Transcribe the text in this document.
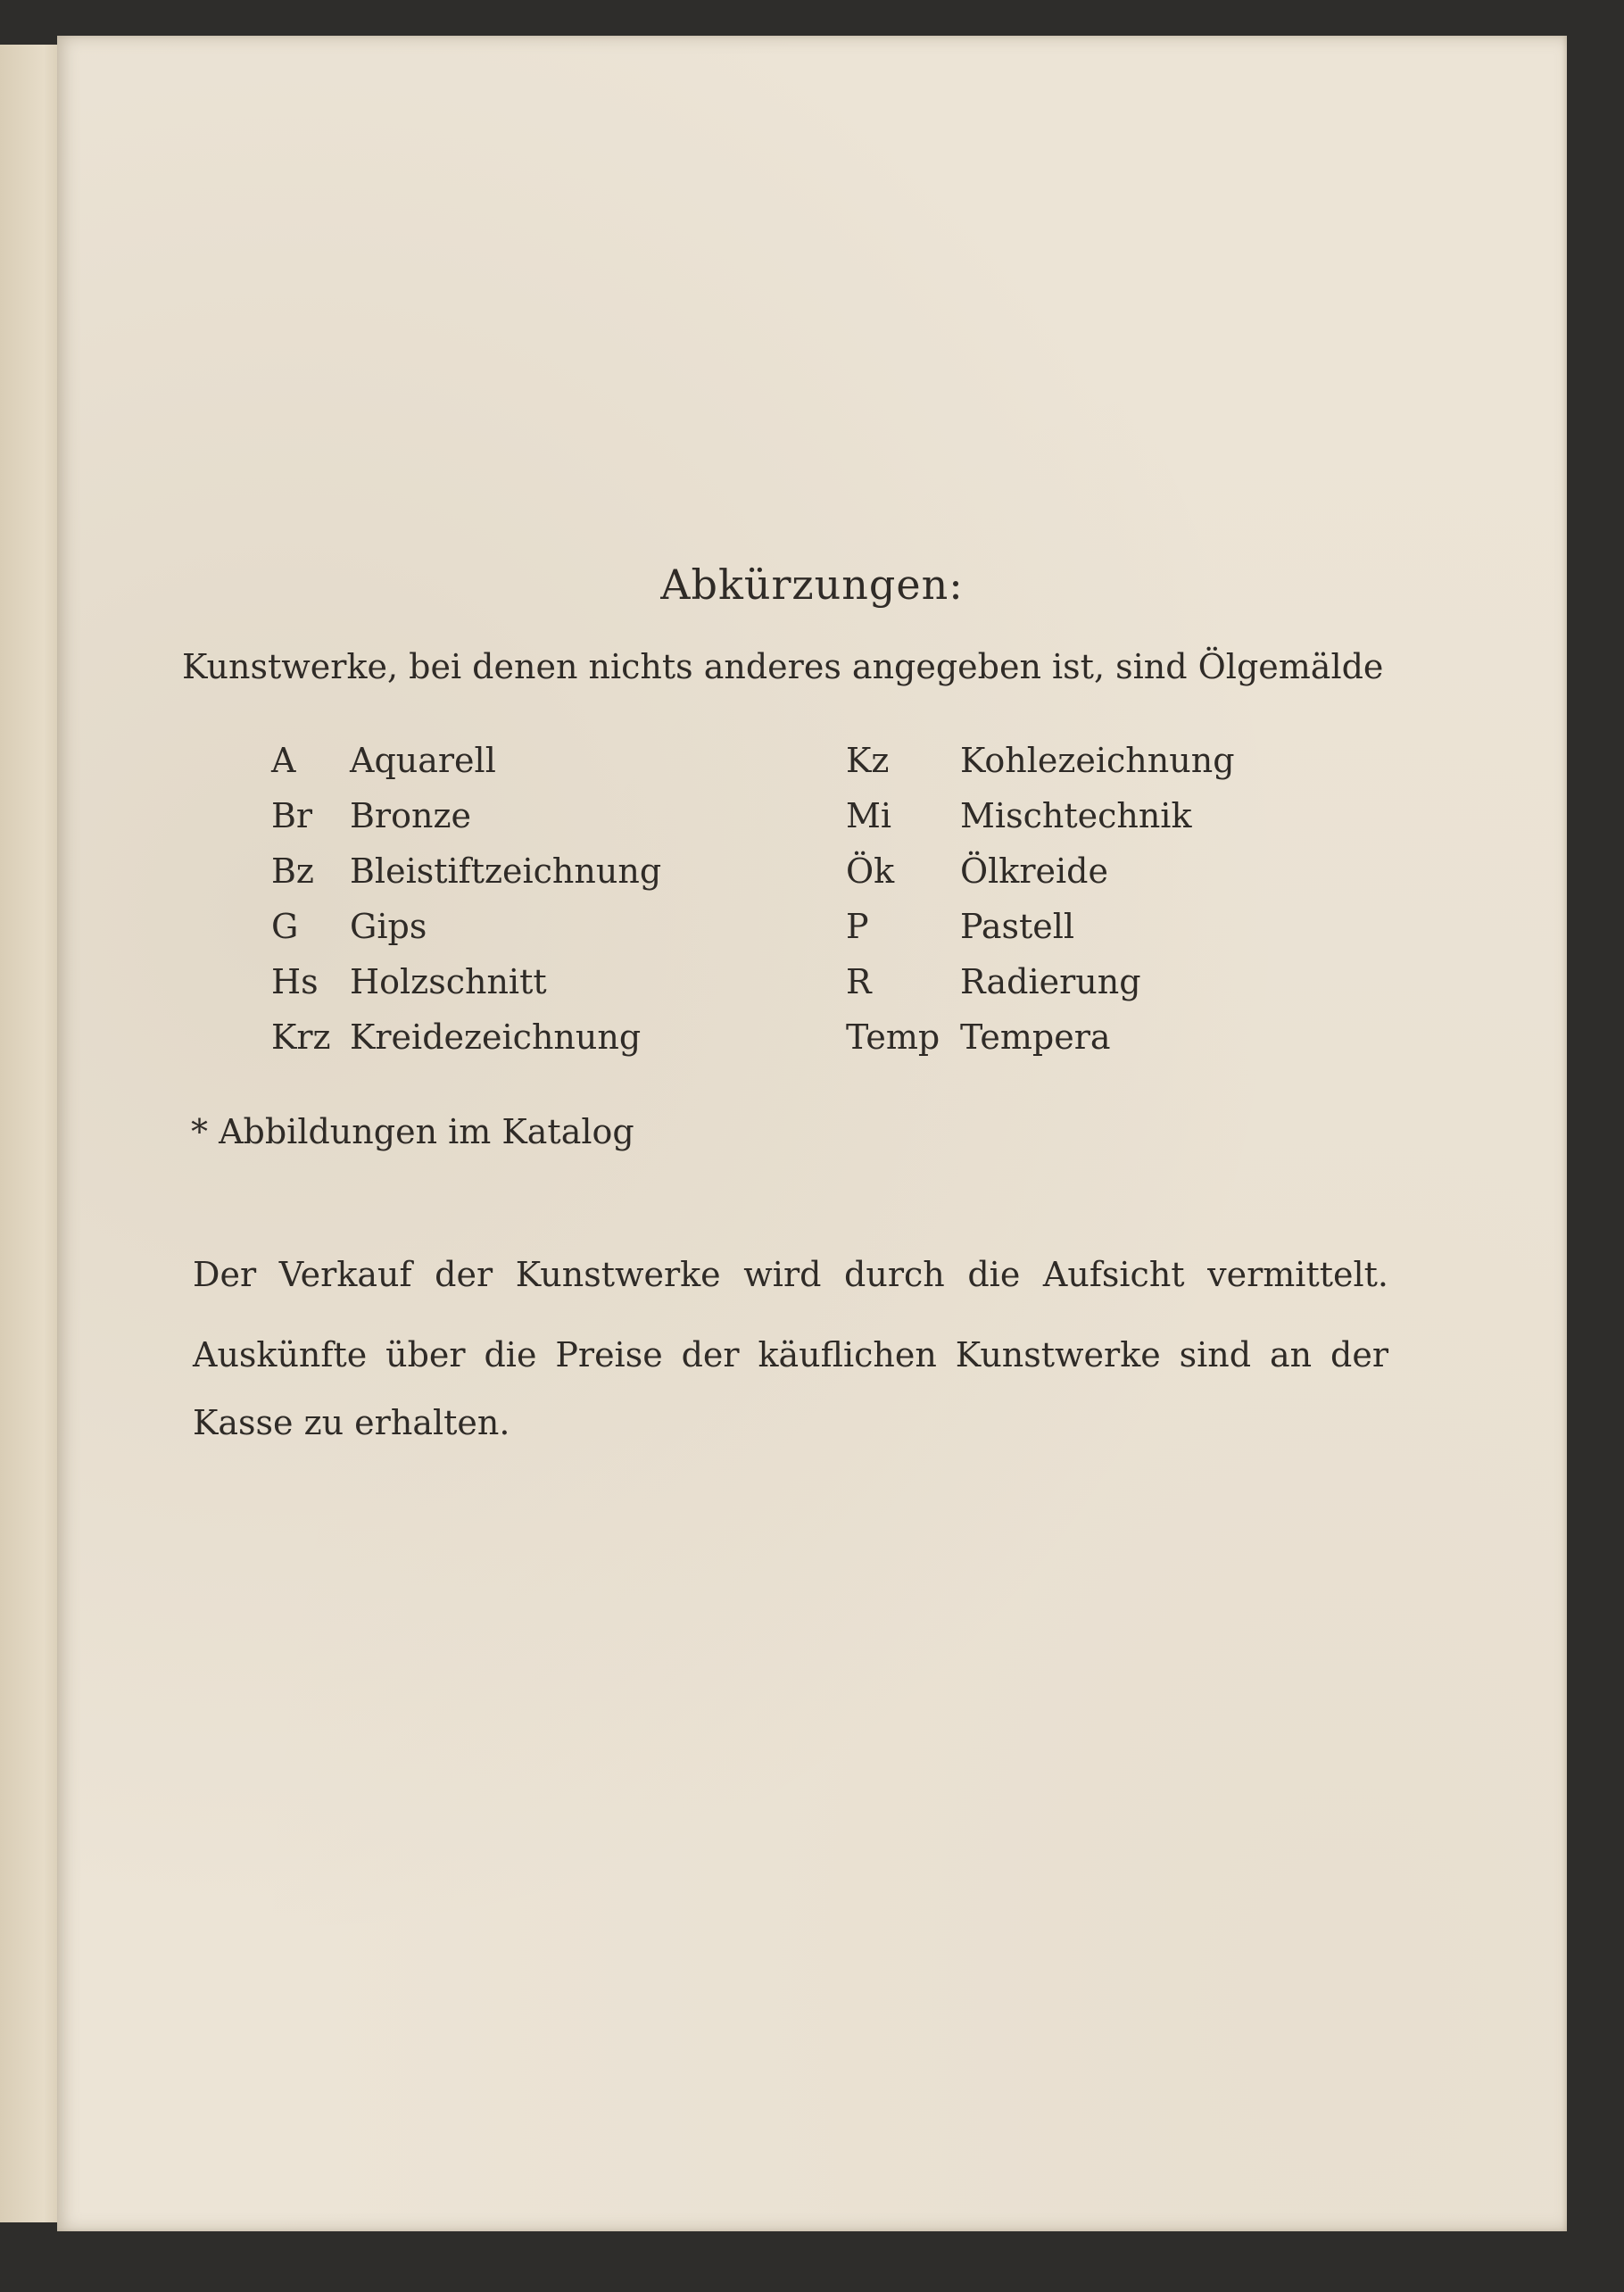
Abkürzungen:

Kunstwerke, bei denen nichts anderes angegeben ist, sind Ölgemälde

A	Aquarell
Br	Bronze
Bz	Bleistiftzeichnung
G	Gips
Hs Holzschnitt
Krz Kreidezeichnung
Kz	Kohlezeichnung
Mi	Mischtechnik
Ök	Ölkreide
P	Pastell
R	Radierung
Temp Tempera

* Abbildungen im Katalog

Der Verkauf der Kunstwerke wird durch die Aufsicht vermittelt.

Auskünfte über die Preise der käuflichen Kunstwerke sind an der Kasse zu erhalten.
